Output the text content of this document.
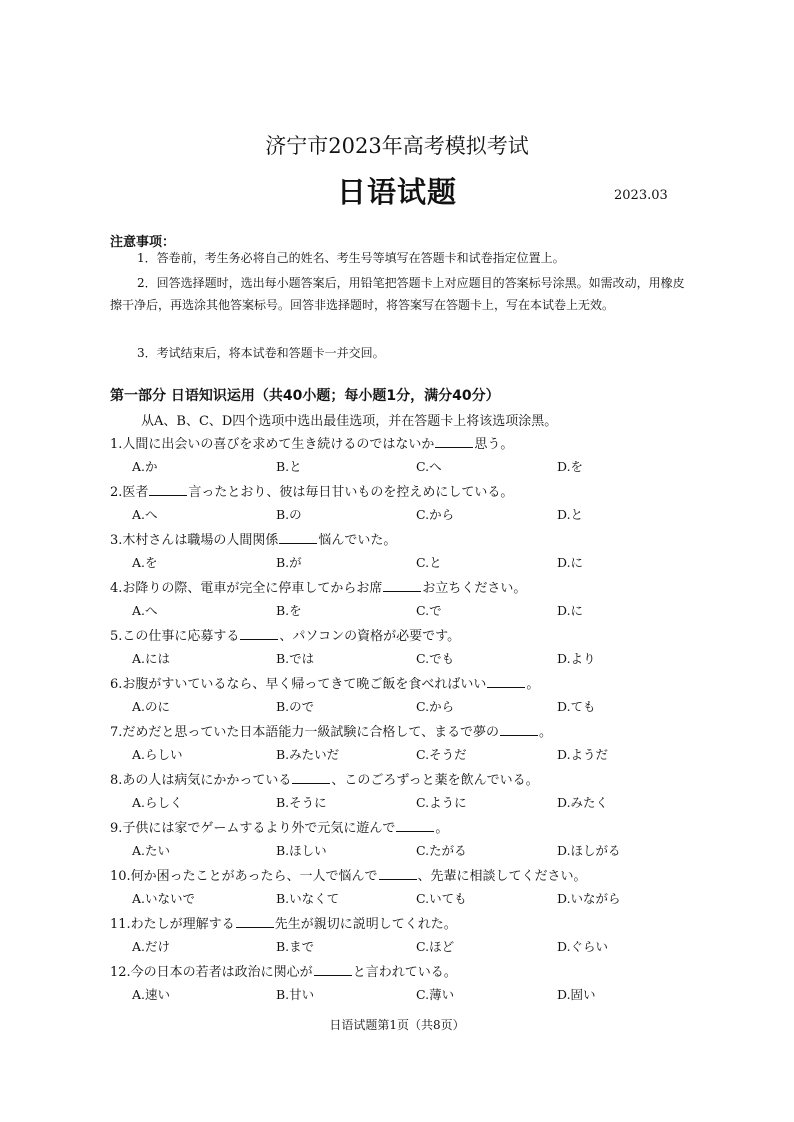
济宁市2023年高考模拟考试
日语试题	2023.03
注意事项：
1．答卷前，考生务必将自己的姓名、考生号等填写在答题卡和试卷指定位置上。
2．回答选择题时，选出每小题答案后，用铅笔把答题卡上对应题目的答案标号涂黑。如需改动，用橡皮擦干净后，再选涂其他答案标号。回答非选择题时，将答案写在答题卡上，写在本试卷上无效。
3．考试结束后，将本试卷和答题卡一并交回。
第一部分 日语知识运用（共40小题；每小题1分，满分40分）
从A、B、C、D四个选项中选出最佳选项，并在答题卡上将该选项涂黑。
1.人間に出会いの喜びを求めて生き続けるのではないか	思う。
A.か	B.と	C.へ	D.を
2.医者	言ったとおり、彼は毎日甘いものを控えめにしている。
A.へ	B.の	C.から	D.と
3.木村さんは職場の人間関係	悩んでいた。
A.を	B.が	C.と	D.に
4.お降りの際、電車が完全に停車してからお席	お立ちください。
A.へ	B.を	C.で	D.に
5.この仕事に応募する	、パソコンの資格が必要です。
A.には	B.では	C.でも	D.より
6.お腹がすいているなら、早く帰ってきて晩ご飯を食べればいい	。
A.のに	B.ので	C.から	D.ても
7.だめだと思っていた日本語能力一級試験に合格して、まるで夢の	。
A.らしい	B.みたいだ	C.そうだ	D.ようだ
8.あの人は病気にかかっている	、このごろずっと薬を飲んでいる。
A.らしく	B.そうに	C.ように	D.みたく
9.子供には家でゲームするより外で元気に遊んで	。
A.たい	B.ほしい	C.たがる	D.ほしがる
10.何か困ったことがあったら、一人で悩んで	、先輩に相談してください。
A.いないで	B.いなくて	C.いても	D.いながら
11.わたしが理解する	先生が親切に説明してくれた。
A.だけ	B.まで	C.ほど	D.ぐらい
12.今の日本の若者は政治に関心が	と言われている。
A.速い	B.甘い	C.薄い	D.固い
日语试题第1页（共8页）
